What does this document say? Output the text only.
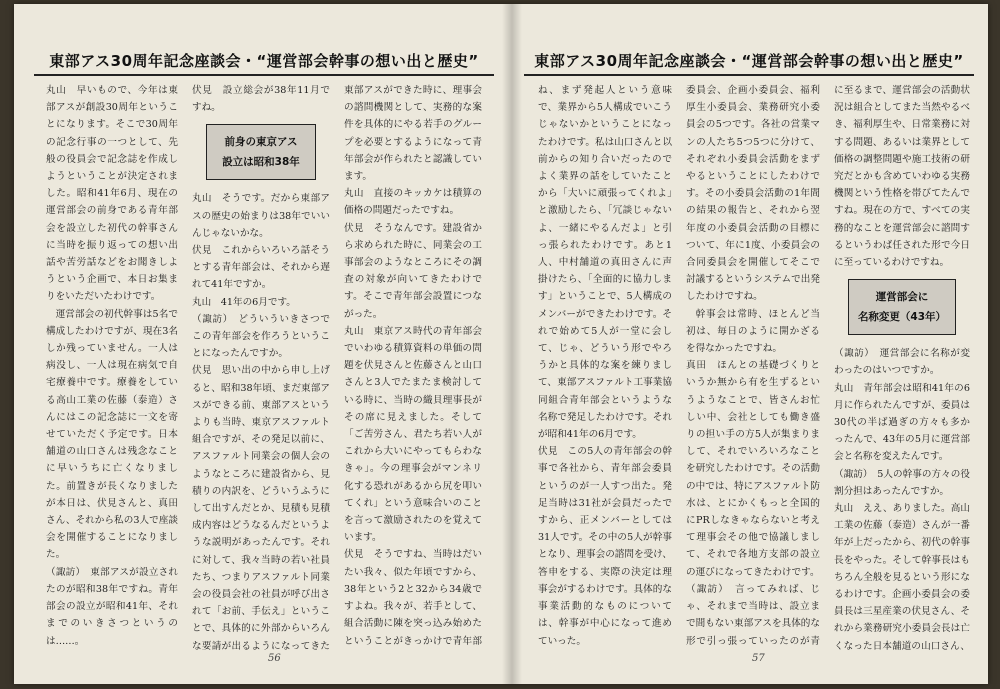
東部アス30周年記念座談会・“運営部会幹事の想い出と歴史”

丸山　早いもので、今年は東部アスが創設30周年ということになります。そこで30周年の記念行事の一つとして、先般の役員会で記念誌を作成しようということが決定されました。昭和41年6月、現在の運営部会の前身である青年部会を設立した初代の幹事さんに当時を振り返っての想い出話や苦労話などをお聞きしようという企画で、本日お集まりをいただいたわけです。

運営部会の初代幹事は5名で構成したわけですが、現在3名しか残っていません。一人は病没し、一人は現在病気で自宅療養中です。療養をしている高山工業の佐藤（泰造）さんにはこの記念誌に一文を寄せていただく予定です。日本舗道の山口さんは残念なことに早いうちに亡くなりました。前置きが長くなりましたが本日は、伏見さんと、真田さん、それから私の3人で座談会を開催することになりました。

（諏訪）　東部アスが設立されたのが昭和38年ですね。青年部会の設立が昭和41年、それまでのいきさつというのは……。

伏見　設立総会が38年11月ですね。

前身の東京アス
設立は昭和38年

丸山　そうです。だから東部アスの歴史の始まりは38年でいいんじゃないかな。

伏見　これからいろいろ話そうとする青年部会は、それから遅れて41年ですか。

丸山　41年の6月です。

（諏訪）　どういういきさつでこの青年部会を作ろうということになったんですか。

伏見　思い出の中から申し上げると、昭和38年頃、まだ東部アスができる前、東部アスというよりも当時、東京アスファルト組合ですが、その発足以前に、アスファルト同業会の個人会のようなところに建設省から、見積りの内訳を、どういうふうにして出すんだとか、見積も見積成内容はどうなるんだというような説明があったんです。それに対して、我々当時の若い社員たち、つまりアスファルト同業会の役員会社の社員が呼び出されて「お前、手伝え」ということで、具体的に外部からいろんな要請が出るようになってきた

東部アスができた時に、理事会の諮問機関として、実務的な案件を具体的にやる若手のグループを必要とするようになって青年部会が作られたと認識しています。

丸山　直接のキッカケは積算の価格の問題だったですね。

伏見　そうなんです。建設省から求められた時に、同業会の工事部会のようなところにその調査の対象が向いてきたわけです。そこで青年部会設置につながった。

丸山　東京アス時代の青年部会でいわゆる積算資料の単価の問題を伏見さんと佐藤さんと山口さんと3人でたまたま検討している時に、当時の織貝理事長がその席に見えました。そして「ご苦労さん、君たち若い人がこれから大いにやってもらわなきゃ」。今の理事会がマンネリ化する恐れがあるから尻を叩いてくれ」という意味合いのことを言って激励されたのを覚えています。

伏見　そうですね、当時はだいたい我々、似た年頃ですから、38年という2と32から34歳ですよね。我々が、若手として、組合活動に陳を突っ込み始めたということがきっかけで青年部

56
東部アス30周年記念座談会・“運営部会幹事の想い出と歴史”

ね、まず発起人という意味で、業界から5人構成でいこうじゃないかということになったわけです。私は山口さんと以前からの知り合いだったのでよく業界の話をしていたことから「大いに頑張ってくれよ」と激励したら、「冗談じゃないよ、一緒にやるんだよ」と引っ張られたわけです。あと1人、中村舗道の真田さんに声掛けたら、「全面的に協力します」ということで、5人構成のメンバーができたわけです。それで始めて5人が一堂に会して、じゃ、どういう形でやろうかと具体的な案を練りまして、東部アスファルト工事業協同組合青年部会というような名称で発足したわけです。それが昭和41年の6月です。

伏見　この5人の青年部会の幹事で各社から、青年部会委員というのが一人すつ出た。発足当時は31社が会員だったですから、正メンバーとしては31人です。その中の5人が幹事となり、理事会の諮問を受け、答申をする、実際の決定は理事会がするわけです。具体的な事業活動的なものについては、幹事が中心になって進めていった。

委員会、企画小委員会、福利厚生小委員会、業務研究小委員会の5つです。各社の営業マンの人たち5つ5つに分けて、それぞれ小委員会活動をまずやるということにしたわけです。その小委員会活動の1年間の結果の報告と、それから翌年度の小委員会活動の目標について、年に1度、小委員会の合同委員会を開催してそこで討議するというシステムで出発したわけですね。

幹事会は常時、ほとんど当初は、毎日のように開かざるを得なかったですね。

真田　ほんとの基礎づくりというか無から有を生ずるというようなことで、皆さんお忙しい中、会社としても働き盛りの担い手の方5人が集まりまして、それでいろいろなことを研究したわけです。その活動の中では、特にアスファルト防水は、とにかくもっと全国的にPRしなきゃならないと考えて理事会その他で協議しまして、それで各地方支部の設立の運びになってきたわけです。

（諏訪）　言ってみれば、じゃ、それまで当時は、設立まで間もない東部アスを具体的な形で引っ張っていったのが青

に至るまで、運営部会の活動状況は組合としてまた当然やるべき、福利厚生や、日常業務に対する問題、あるいは業界として価格の調整問題や施工技術の研究だとかも含めていわゆる実務機関という性格を帯びてたんですね。現在の方で、すべての実務的なことを運営部会に諮問するというわば任された形で今日に至っているわけですね。

運営部会に
名称変更（43年）

（諏訪）　運営部会に名称が変わったのはいつですか。

丸山　青年部会は昭和41年の6月に作られたんですが、委員は30代の半ば過ぎの方々も多かったんで、43年の5月に運営部会と名称を変えたんです。

（諏訪）　5人の幹事の方々の役割分担はあったんですか。

丸山　ええ、ありました。高山工業の佐藤（泰造）さんが一番年が上だったから、初代の幹事長をやった。そして幹事長はもちろん全般を見るという形になるわけです。企画小委員会の委員長は三星産業の伏見さん、それから業務研究小委員会長は亡くなった日本舗道の山口さん、

57
